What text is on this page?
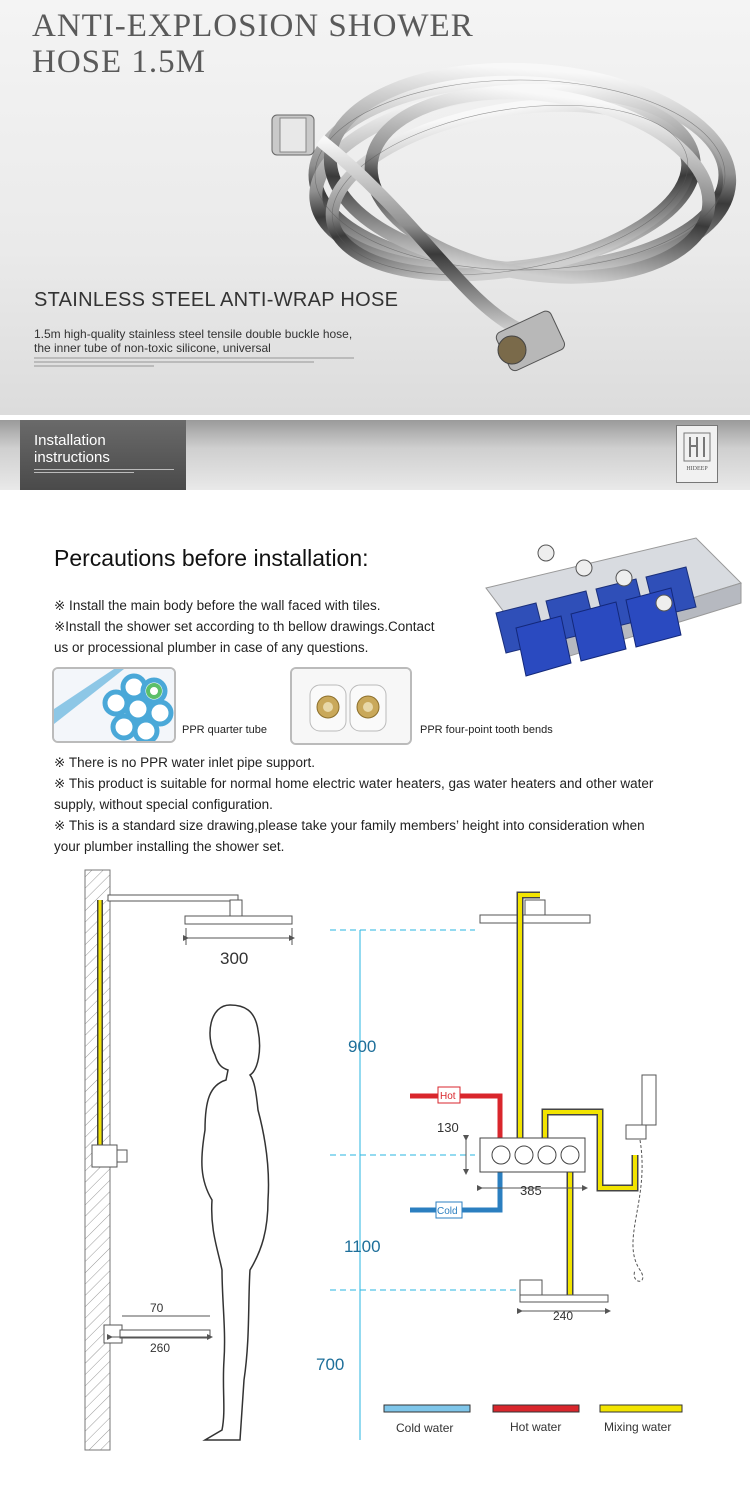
ANTI-EXPLOSION SHOWER
HOSE 1.5M
STAINLESS STEEL ANTI-WRAP HOSE
1.5m high-quality stainless steel tensile double buckle hose, the inner tube of non-toxic silicone, universal
Installation
instructions
HIDEEP
Percautions before installation:
※ Install the main body before the wall faced with tiles.
※Install the shower set according to th bellow drawings.Contact
us or processional plumber in case of any questions.
PPR quarter tube	PPR four-point tooth bends
※ There is no PPR water inlet pipe support.
※ This product is suitable for normal home electric water heaters, gas water heaters and other water
supply, without special configuration.
※ This is a standard size drawing,please take your family members’ height into consideration when
your plumber installing the shower set.
300
70
260
900
1100
700
Hot
Cold
130
385
240
Cold water	Hot water	Mixing water
